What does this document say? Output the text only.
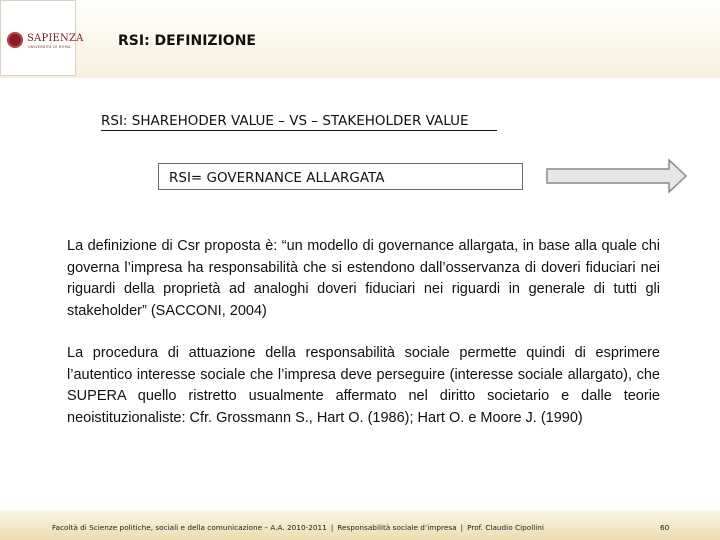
SAPIENZA
UNIVERSITÀ DI ROMA	RSI: DEFINIZIONE
RSI: SHAREHODER VALUE – VS – STAKEHOLDER VALUE
RSI= GOVERNANCE ALLARGATA

La definizione di Csr proposta è: “un modello di governance allargata, in base alla quale chi governa l’impresa ha responsabilità che si estendono dall’osservanza di doveri fiduciari nei riguardi della proprietà ad analoghi doveri fiduciari nei riguardi in generale di tutti gli stakeholder” (SACCONI, 2004)

La procedura di attuazione della responsabilità sociale permette quindi di esprimere l’autentico interesse sociale che l’impresa deve perseguire (interesse sociale allargato), che SUPERA quello ristretto usualmente affermato nel diritto societario e dalle teorie neoistituzionaliste: Cfr. Grossmann S., Hart O. (1986); Hart O. e Moore J. (1990)

Facoltà di Scienze politiche, sociali e della comunicazione – A.A. 2010-2011 | Responsabilità sociale d’impresa | Prof. Claudio Cipollini	60
